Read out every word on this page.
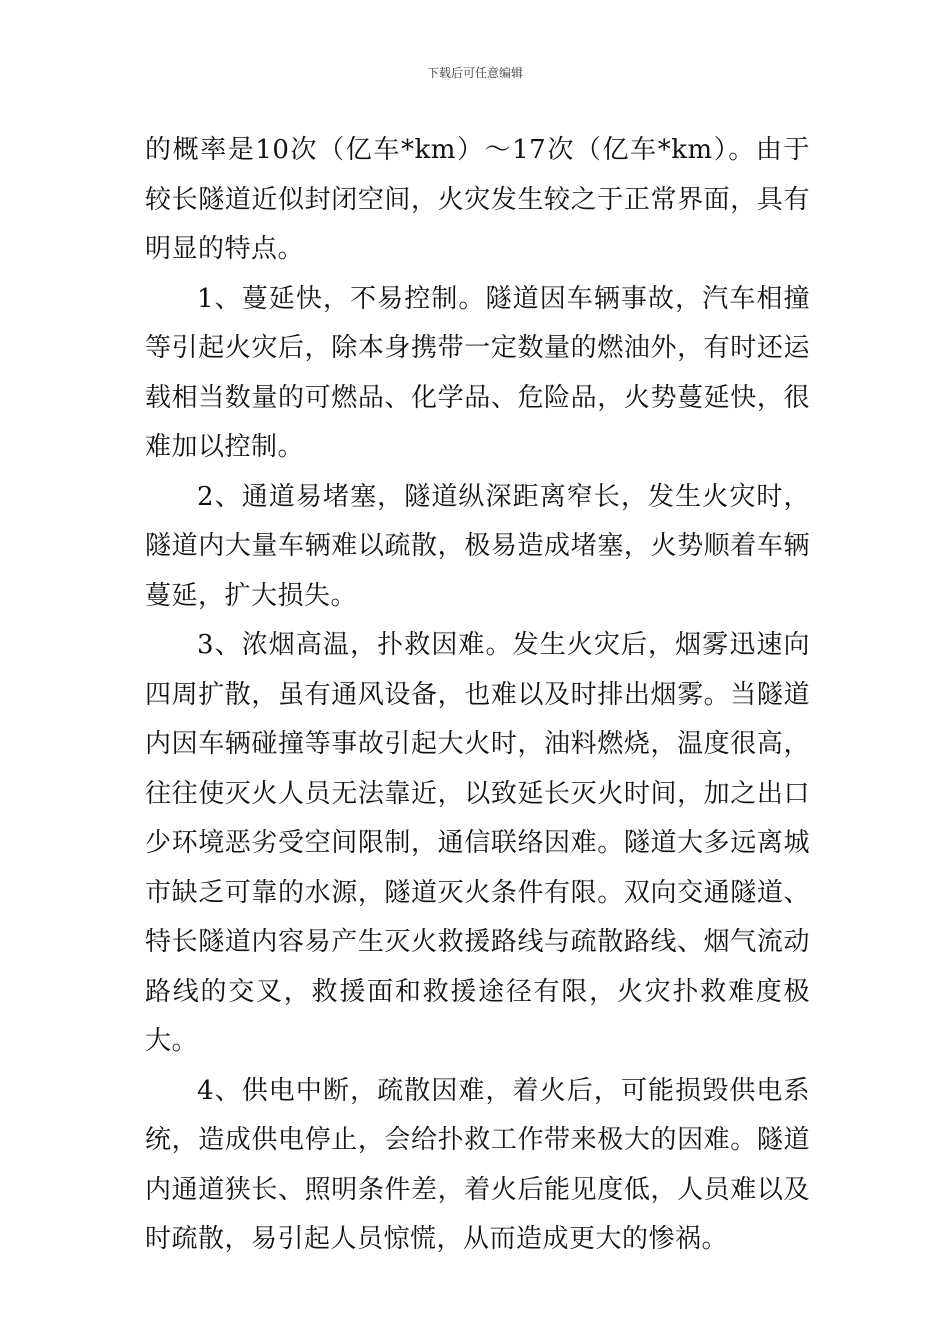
下载后可任意编辑

的概率是10次（亿车*km）～17次（亿车*km）。由于较长隧道近似封闭空间，火灾发生较之于正常界面，具有明显的特点。

1、蔓延快，不易控制。隧道因车辆事故，汽车相撞等引起火灾后，除本身携带一定数量的燃油外，有时还运载相当数量的可燃品、化学品、危险品，火势蔓延快，很难加以控制。

2、通道易堵塞，隧道纵深距离窄长，发生火灾时，隧道内大量车辆难以疏散，极易造成堵塞，火势顺着车辆蔓延，扩大损失。

3、浓烟高温，扑救因难。发生火灾后，烟雾迅速向四周扩散，虽有通风设备，也难以及时排出烟雾。当隧道内因车辆碰撞等事故引起大火时，油料燃烧，温度很高，往往使灭火人员无法靠近，以致延长灭火时间，加之出口少环境恶劣受空间限制，通信联络因难。隧道大多远离城市缺乏可靠的水源，隧道灭火条件有限。双向交通隧道、特长隧道内容易产生灭火救援路线与疏散路线、烟气流动路线的交叉，救援面和救援途径有限，火灾扑救难度极大。

4、供电中断，疏散因难，着火后，可能损毁供电系统，造成供电停止，会给扑救工作带来极大的因难。隧道内通道狭长、照明条件差，着火后能见度低，人员难以及时疏散，易引起人员惊慌，从而造成更大的惨祸。
